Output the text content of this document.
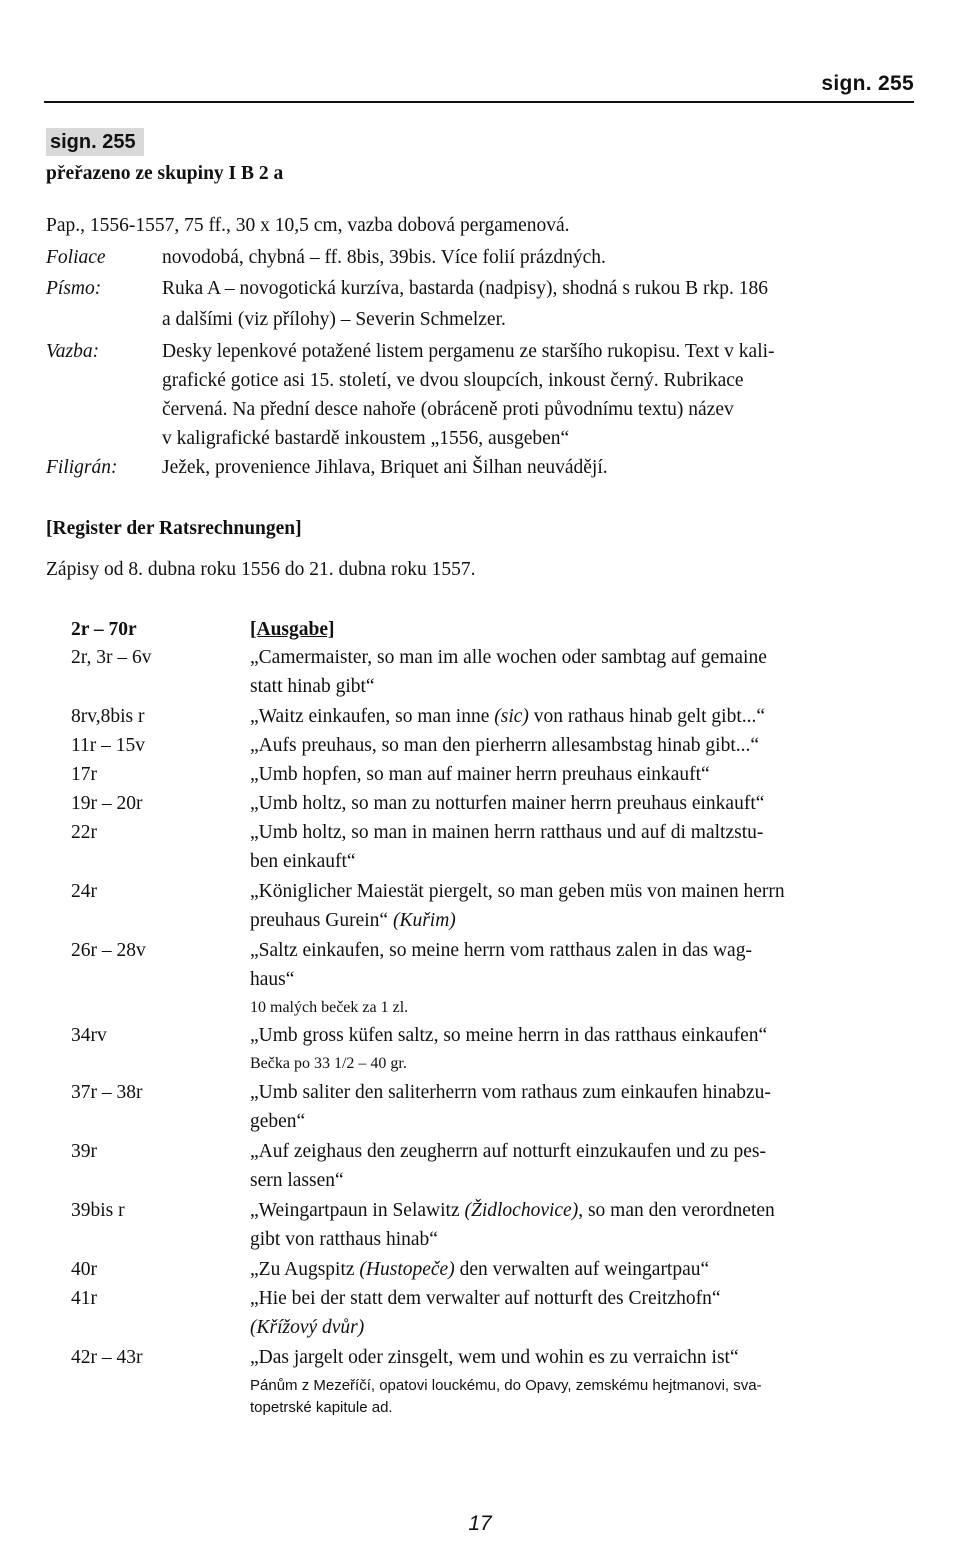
sign. 255
sign. 255
přeřazeno ze skupiny I B 2 a
Pap., 1556-1557, 75 ff., 30 x 10,5 cm, vazba dobová pergamenová.
Foliace	novodobá, chybná – ff. 8bis, 39bis. Více folií prázdných.
Písmo:	Ruka A – novogotická kurzíva, bastarda (nadpisy), shodná s rukou B rkp. 186
a dalšími (viz přílohy) – Severin Schmelzer.
Vazba:	Desky lepenkové potažené listem pergamenu ze staršího rukopisu. Text v kali-
grafické gotice asi 15. století, ve dvou sloupcích, inkoust černý. Rubrikace
červená. Na přední desce nahoře (obráceně proti původnímu textu) název
v kaligrafické bastardě inkoustem „1556, ausgeben“
Filigrán: Ježek, provenience Jihlava, Briquet ani Šilhan neuvádějí.
[Register der Ratsrechnungen]
Zápisy od 8. dubna roku 1556 do 21. dubna roku 1557.
2r – 70r	[Ausgabe]
2r, 3r – 6v	„Camermaister, so man im alle wochen oder sambtag auf gemaine
statt hinab gibt“
8rv,8bis r	„Waitz einkaufen, so man inne (sic) von rathaus hinab gelt gibt...“
11r – 15v	„Aufs preuhaus, so man den pierherrn allesambstag hinab gibt...“
17r	„Umb hopfen, so man auf mainer herrn preuhaus einkauft“
19r – 20r	„Umb holtz, so man zu notturfen mainer herrn preuhaus einkauft“
22r	„Umb holtz, so man in mainen herrn ratthaus und auf di maltzstu-
ben einkauft“
24r	„Königlicher Maiestät piergelt, so man geben müs von mainen herrn
preuhaus Gurein“ (Kuřim)
26r – 28v	„Saltz einkaufen, so meine herrn vom ratthaus zalen in das wag-
haus“
10 malých beček za 1 zl.
34rv	„Umb gross küfen saltz, so meine herrn in das ratthaus einkaufen“
Bečka po 33 1/2 – 40 gr.
37r – 38r	„Umb saliter den saliterherrn vom rathaus zum einkaufen hinabzu-
geben“
39r	„Auf zeighaus den zeugherrn auf notturft einzukaufen und zu pes-
sern lassen“
39bis r	„Weingartpaun in Selawitz (Židlochovice), so man den verordneten
gibt von ratthaus hinab“
40r	„Zu Augspitz (Hustopeče) den verwalten auf weingartpau“
41r	„Hie bei der statt dem verwalter auf notturft des Creitzhofn“
(Křížový dvůr)
42r – 43r	„Das jargelt oder zinsgelt, wem und wohin es zu verraichn ist“
Pánům z Mezeříčí, opatovi louckému, do Opavy, zemskému hejtmanovi, sva-
topetrské kapitule ad.
17
